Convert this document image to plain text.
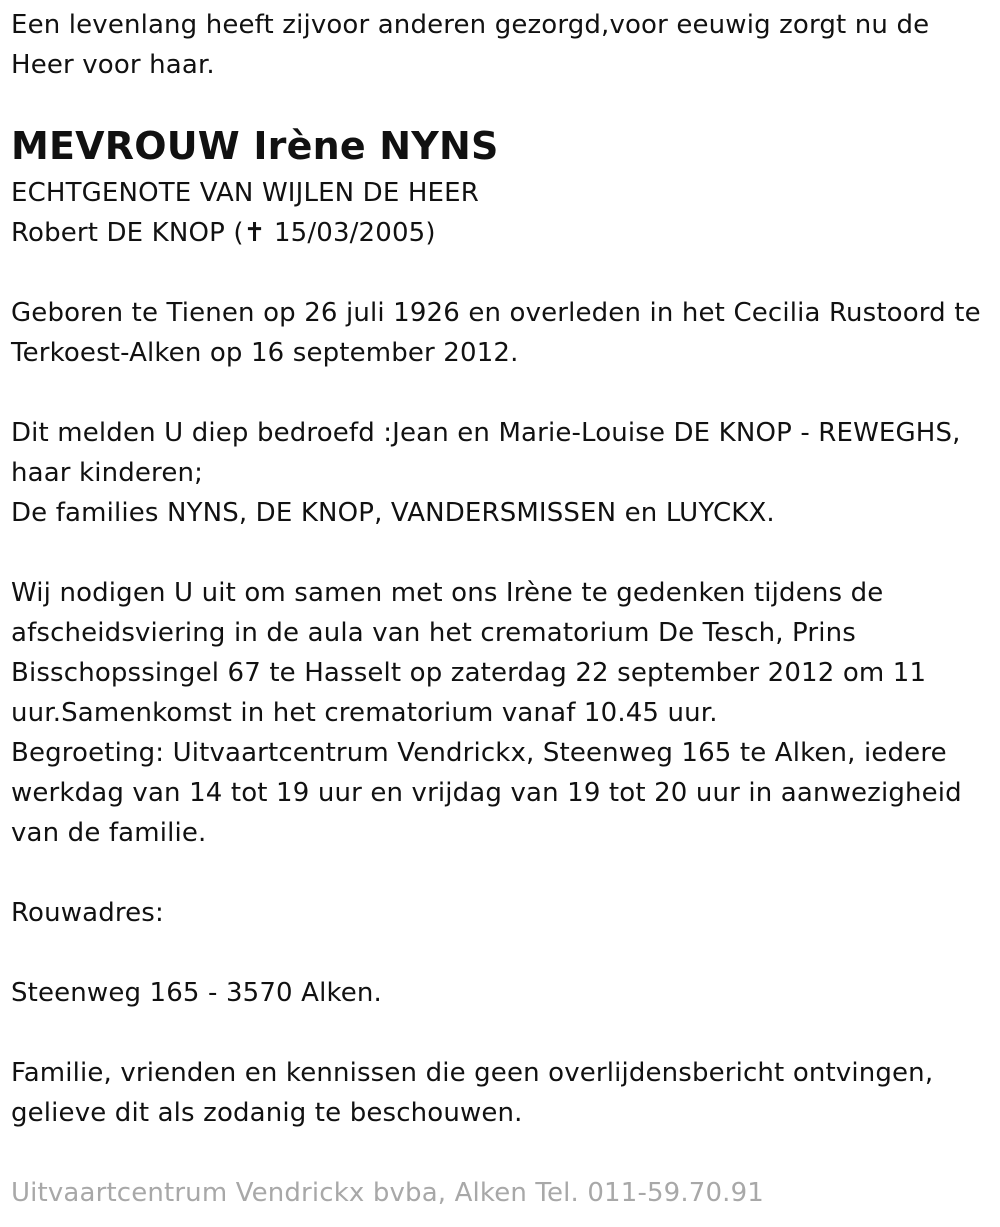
Een levenlang heeft zijvoor anderen gezorgd,voor eeuwig zorgt nu de
Heer voor haar.
MEVROUW Irène NYNS
ECHTGENOTE VAN WIJLEN DE HEER
Robert DE KNOP (✝ 15/03/2005)
Geboren te Tienen op 26 juli 1926 en overleden in het Cecilia Rustoord te
Terkoest-Alken op 16 september 2012.
Dit melden U diep bedroefd :Jean en Marie-Louise DE KNOP - REWEGHS,
haar kinderen;
De families NYNS, DE KNOP, VANDERSMISSEN en LUYCKX.
Wij nodigen U uit om samen met ons Irène te gedenken tijdens de
afscheidsviering in de aula van het crematorium De Tesch, Prins
Bisschopssingel 67 te Hasselt op zaterdag 22 september 2012 om 11
uur.Samenkomst in het crematorium vanaf 10.45 uur.
Begroeting: Uitvaartcentrum Vendrickx, Steenweg 165 te Alken, iedere
werkdag van 14 tot 19 uur en vrijdag van 19 tot 20 uur in aanwezigheid
van de familie.
Rouwadres:
Steenweg 165 - 3570 Alken.
Familie, vrienden en kennissen die geen overlijdensbericht ontvingen,
gelieve dit als zodanig te beschouwen.
Uitvaartcentrum Vendrickx bvba, Alken Tel. 011-59.70.91
